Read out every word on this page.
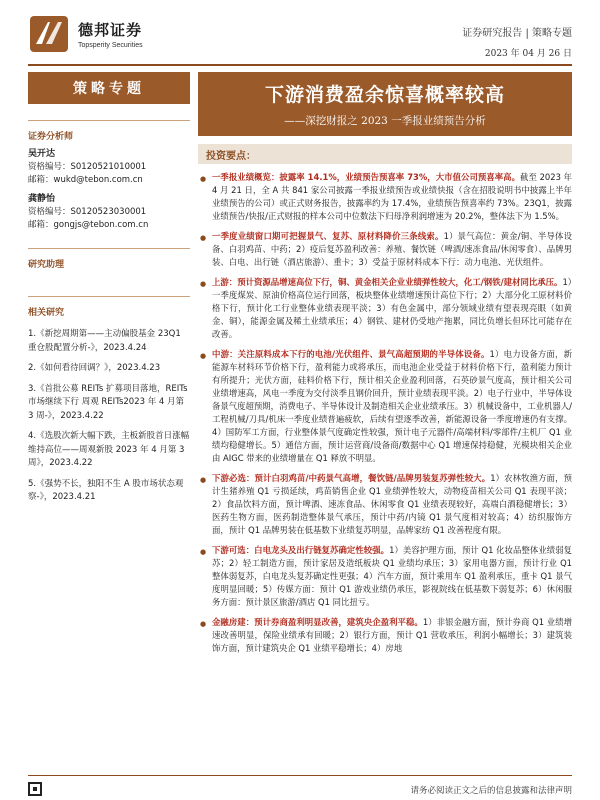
德邦证券
Topsperity Securities
证券研究报告 | 策略专题
2023 年 04 月 26 日
策略专题
证券分析师
吴开达
资格编号：S0120521010001
邮箱：wukd@tebon.com.cn
龚静怡
资格编号：S0120523030001
邮箱：gongjs@tebon.com.cn
研究助理
相关研究
1.《新挖周期第——主动偏股基金 23Q1 重仓股配置分析-》，2023.4.24
2.《如何看待回调？》，2023.4.23
3.《首批公募 REITs 扩募项目落地，REITs 市场继续下行 周观 REITs2023 年 4 月第 3 周-》，2023.4.22
4.《选股次新大幅下跌，主板新股首日涨幅维持高位——周观新股 2023 年 4 月第 3 周》，2023.4.22
5.《强势不长，独阳不生 A 股市场状态观察-》，2023.4.21
下游消费盈余惊喜概率较高
——深挖财报之 2023 一季报业绩预告分析
投资要点：
● 一季报业绩概览：披露率 14.1%，业绩预告预喜率 73%，大市值公司预喜率高。截至 2023 年 4 月 21 日，全 A 共 841 家公司披露一季报业绩预告或业绩快报（含在招股说明书中披露上半年业绩预告的公司）或正式财务报告，披露率约为 17.4%，业绩预告预喜率约 73%。23Q1，披露业绩预告/快报/正式财报的样本公司中位数法下归母净利润增速为 20.2%，整体法下为 1.5%。
● 一季度业绩窗口期可把握景气、复苏、原材料降价三条线索。1）景气高位：黄金/铜、半导体设备、白羽鸡苗、中药；2）疫后复苏盈利改善：养殖、餐饮链（啤酒/速冻食品/休闲零食）、品牌男装、白电、出行链（酒店旅游）、重卡；3）受益于原材料成本下行：动力电池、光伏组件。
● 上游：预计资源品增速高位下行，铜、黄金相关企业业绩弹性较大，化工/钢铁/建材同比承压。1）一季度煤炭、原油价格高位运行回落，板块整体业绩增速预计高位下行；2）大部分化工原材料价格下行，预计化工行业整体业绩表现平淡；3）有色金属中，部分领域业绩有望表现亮眼（如黄金、铜），能源金属及稀土业绩承压；4）钢铁、建材仍受地产拖累，同比负增长但环比可能存在改善。
● 中游：关注原料成本下行的电池/光伏组件、景气高超预期的半导体设备。1）电力设备方面，新能源车材料环节价格下行，盈利能力或将承压，而电池企业受益于材料价格下行，盈利能力预计有所提升；光伏方面，硅料价格下行，预计相关企业盈利回落，石英砂景气度高，预计相关公司业绩增速高，风电一季度为交付淡季且钢价回升，预计业绩表现平淡。2）电子行业中，半导体设备景气度超预期，消费电子、半导体设计及制造相关企业业绩承压。3）机械设备中，工业机器人/工程机械/刀具/机床一季度业绩普遍疲软，后续有望逐季改善，新能源设备一季度增速仍有支撑。4）国防军工方面，行业整体景气度确定性较强，预计电子元器件/高端材料/零部件/主机厂 Q1 业绩均稳健增长。5）通信方面，预计运营商/设备商/数据中心 Q1 增速保持稳健，光模块相关企业由 AIGC 带来的业绩增量在 Q1 释放不明显。
● 下游必选：预计白羽鸡苗/中药景气高增，餐饮链/品牌男装复苏弹性较大。1）农林牧渔方面，预计生猪养殖 Q1 亏损延续，鸡苗销售企业 Q1 业绩弹性较大，动物疫苗相关公司 Q1 表现平淡；2）食品饮料方面，预计啤酒、速冻食品、休闲零食 Q1 业绩表现较好，高端白酒稳健增长；3）医药生物方面，医药制造整体景气承压，预计中药/内镜 Q1 景气度相对较高；4）纺织服饰方面，预计 Q1 品牌男装在低基数下业绩复苏明显，品牌家纺 Q1 改善程度有限。
● 下游可选：白电龙头及出行链复苏确定性较强。1）美容护理方面，预计 Q1 化妆品整体业绩弱复苏；2）轻工制造方面，预计家居及造纸板块 Q1 业绩均承压；3）家用电器方面，预计行业 Q1 整体弱复苏，白电龙头复苏确定性更强；4）汽车方面，预计乘用车 Q1 盈利承压，重卡 Q1 景气度明显回暖；5）传媒方面：预计 Q1 游戏业绩仍承压，影视院线在低基数下弱复苏；6）休闲服务方面：预计景区旅游/酒店 Q1 同比扭亏。
● 金融房建：预计券商盈利明显改善，建筑央企盈利平稳。1）非银金融方面，预计券商 Q1 业绩增速改善明显，保险业绩承有回暖；2）银行方面，预计 Q1 营收承压，利润小幅增长；3）建筑装饰方面，预计建筑央企 Q1 业绩平稳增长；4）房地
请务必阅读正文之后的信息披露和法律声明
